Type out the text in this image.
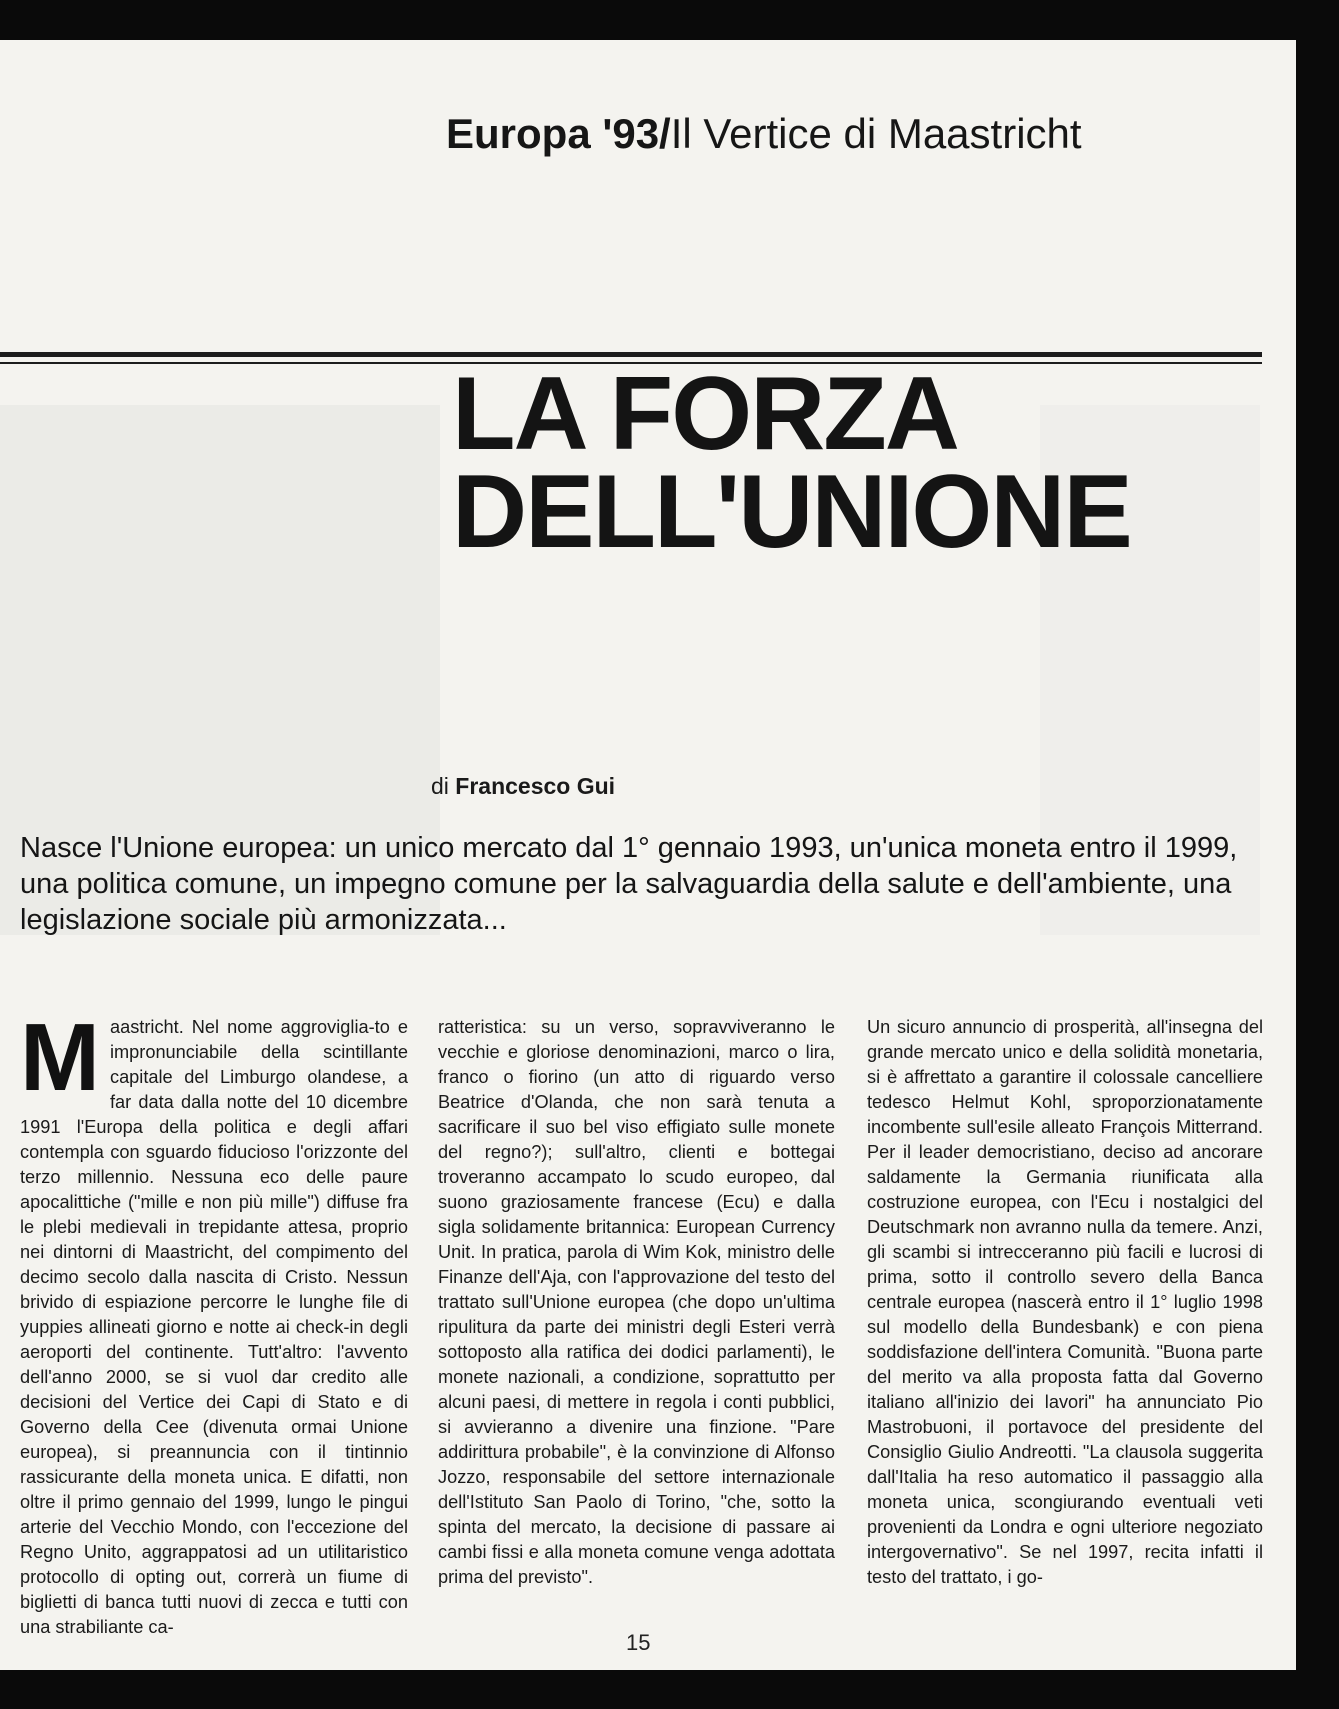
Europa '93/Il Vertice di Maastricht
LA FORZA
DELL'UNIONE
di Francesco Gui

Nasce l'Unione europea: un unico mercato dal 1° gennaio 1993, un'unica moneta entro il 1999, una politica comune, un impegno comune per la salvaguardia della salute e dell'ambiente, una legislazione sociale più armonizzata...

M aastricht. Nel nome aggroviglia-to e impronunciabile della scintillante capitale del Limburgo olandese, a far data dalla notte del 10 dicembre 1991 l'Europa della politica e degli affari contempla con sguardo fiducioso l'orizzonte del terzo millennio. Nessuna eco delle paure apocalittiche ("mille e non più mille") diffuse fra le plebi medievali in trepidante attesa, proprio nei dintorni di Maastricht, del compimento del decimo secolo dalla nascita di Cristo. Nessun brivido di espiazione percorre le lunghe file di yuppies allineati giorno e notte ai check-in degli aeroporti del continente. Tutt'altro: l'avvento dell'anno 2000, se si vuol dar credito alle decisioni del Vertice dei Capi di Stato e di Governo della Cee (divenuta ormai Unione europea), si preannuncia con il tintinnio rassicurante della moneta unica. E difatti, non oltre il primo gennaio del 1999, lungo le pingui arterie del Vecchio Mondo, con l'eccezione del Regno Unito, aggrappatosi ad un utilitaristico protocollo di opting out, correrà un fiume di biglietti di banca tutti nuovi di zecca e tutti con una strabiliante ca-
ratteristica: su un verso, sopravviveranno le vecchie e gloriose denominazioni, marco o lira, franco o fiorino (un atto di riguardo verso Beatrice d'Olanda, che non sarà tenuta a sacrificare il suo bel viso effigiato sulle monete del regno?); sull'altro, clienti e bottegai troveranno accampato lo scudo europeo, dal suono graziosamente francese (Ecu) e dalla sigla solidamente britannica: European Currency Unit. In pratica, parola di Wim Kok, ministro delle Finanze dell'Aja, con l'approvazione del testo del trattato sull'Unione europea (che dopo un'ultima ripulitura da parte dei ministri degli Esteri verrà sottoposto alla ratifica dei dodici parlamenti), le monete nazionali, a condizione, soprattutto per alcuni paesi, di mettere in regola i conti pubblici, si avvieranno a divenire una finzione. "Pare addirittura probabile", è la convinzione di Alfonso Jozzo, responsabile del settore internazionale dell'Istituto San Paolo di Torino, "che, sotto la spinta del mercato, la decisione di passare ai cambi fissi e alla moneta comune venga adottata prima del previsto".
Un sicuro annuncio di prosperità, all'insegna del grande mercato unico e della solidità monetaria, si è affrettato a garantire il colossale cancelliere tedesco Helmut Kohl, sproporzionatamente incombente sull'esile alleato François Mitterrand. Per il leader democristiano, deciso ad ancorare saldamente la Germania riunificata alla costruzione europea, con l'Ecu i nostalgici del Deutschmark non avranno nulla da temere. Anzi, gli scambi si intrecceranno più facili e lucrosi di prima, sotto il controllo severo della Banca centrale europea (nascerà entro il 1° luglio 1998 sul modello della Bundesbank) e con piena soddisfazione dell'intera Comunità. "Buona parte del merito va alla proposta fatta dal Governo italiano all'inizio dei lavori" ha annunciato Pio Mastrobuoni, il portavoce del presidente del Consiglio Giulio Andreotti. "La clausola suggerita dall'Italia ha reso automatico il passaggio alla moneta unica, scongiurando eventuali veti provenienti da Londra e ogni ulteriore negoziato intergovernativo". Se nel 1997, recita infatti il testo del trattato, i go-
15
